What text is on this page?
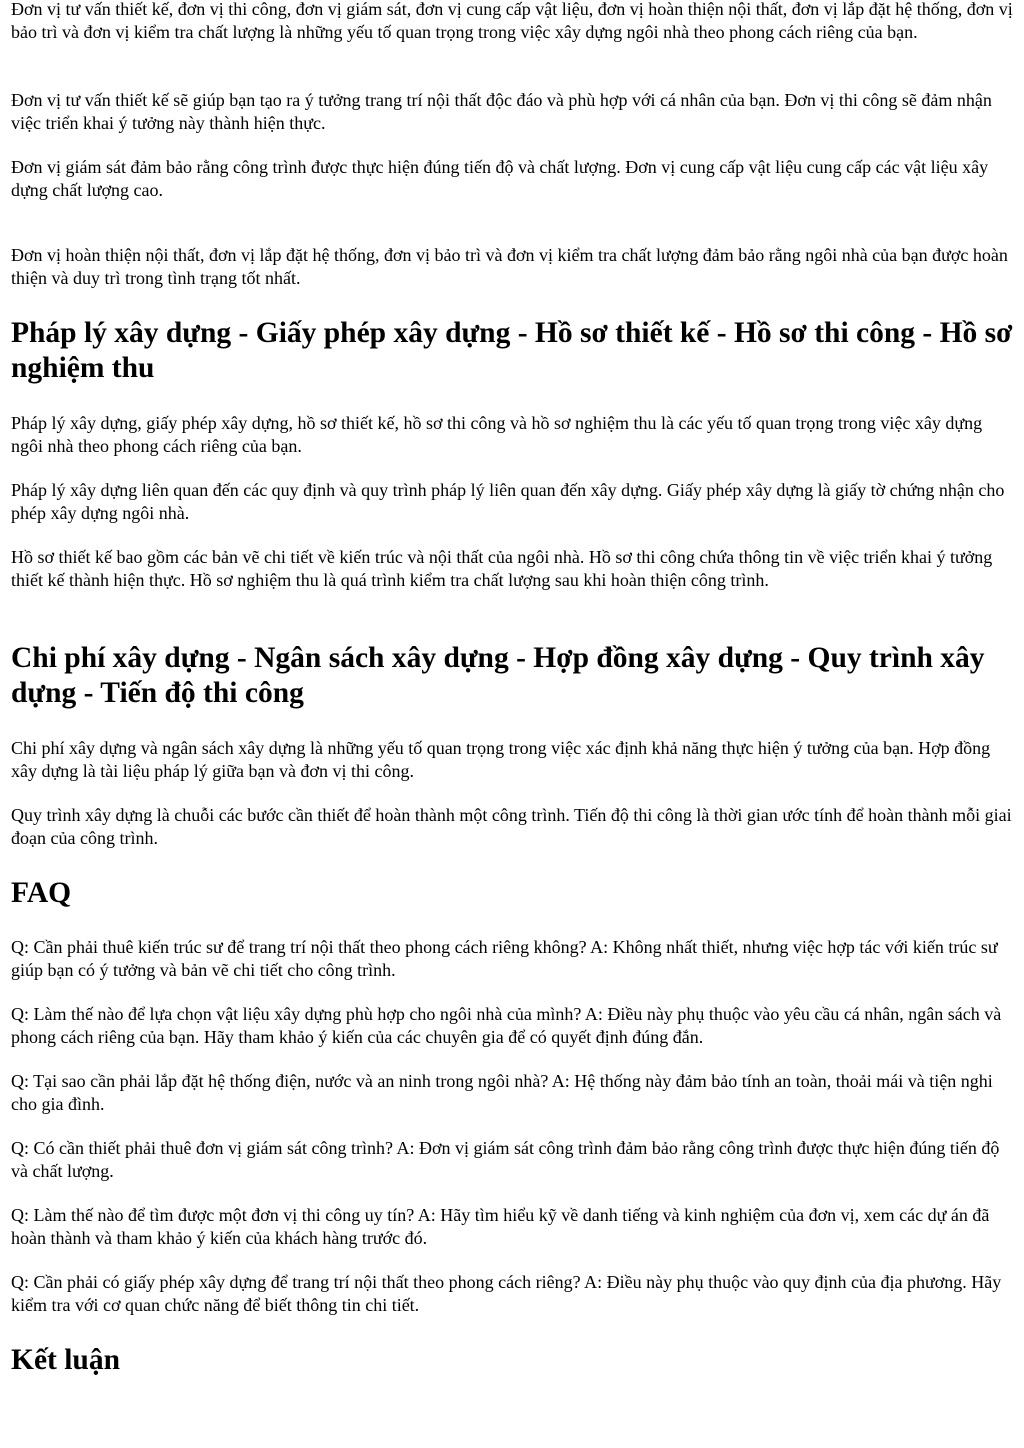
Đơn vị tư vấn thiết kế, đơn vị thi công, đơn vị giám sát, đơn vị cung cấp vật liệu, đơn vị hoàn thiện nội thất, đơn vị lắp đặt hệ thống, đơn vị bảo trì và đơn vị kiểm tra chất lượng là những yếu tố quan trọng trong việc xây dựng ngôi nhà theo phong cách riêng của bạn.

Đơn vị tư vấn thiết kế sẽ giúp bạn tạo ra ý tưởng trang trí nội thất độc đáo và phù hợp với cá nhân của bạn. Đơn vị thi công sẽ đảm nhận việc triển khai ý tưởng này thành hiện thực.

Đơn vị giám sát đảm bảo rằng công trình được thực hiện đúng tiến độ và chất lượng. Đơn vị cung cấp vật liệu cung cấp các vật liệu xây dựng chất lượng cao.

Đơn vị hoàn thiện nội thất, đơn vị lắp đặt hệ thống, đơn vị bảo trì và đơn vị kiểm tra chất lượng đảm bảo rằng ngôi nhà của bạn được hoàn thiện và duy trì trong tình trạng tốt nhất.

Pháp lý xây dựng - Giấy phép xây dựng - Hồ sơ thiết kế - Hồ sơ thi công - Hồ sơ nghiệm thu

Pháp lý xây dựng, giấy phép xây dựng, hồ sơ thiết kế, hồ sơ thi công và hồ sơ nghiệm thu là các yếu tố quan trọng trong việc xây dựng ngôi nhà theo phong cách riêng của bạn.

Pháp lý xây dựng liên quan đến các quy định và quy trình pháp lý liên quan đến xây dựng. Giấy phép xây dựng là giấy tờ chứng nhận cho phép xây dựng ngôi nhà.

Hồ sơ thiết kế bao gồm các bản vẽ chi tiết về kiến trúc và nội thất của ngôi nhà. Hồ sơ thi công chứa thông tin về việc triển khai ý tưởng thiết kế thành hiện thực. Hồ sơ nghiệm thu là quá trình kiểm tra chất lượng sau khi hoàn thiện công trình.

Chi phí xây dựng - Ngân sách xây dựng - Hợp đồng xây dựng - Quy trình xây dựng - Tiến độ thi công

Chi phí xây dựng và ngân sách xây dựng là những yếu tố quan trọng trong việc xác định khả năng thực hiện ý tưởng của bạn. Hợp đồng xây dựng là tài liệu pháp lý giữa bạn và đơn vị thi công.

Quy trình xây dựng là chuỗi các bước cần thiết để hoàn thành một công trình. Tiến độ thi công là thời gian ước tính để hoàn thành mỗi giai đoạn của công trình.

FAQ

Q: Cần phải thuê kiến trúc sư để trang trí nội thất theo phong cách riêng không? A: Không nhất thiết, nhưng việc hợp tác với kiến trúc sư giúp bạn có ý tưởng và bản vẽ chi tiết cho công trình.

Q: Làm thế nào để lựa chọn vật liệu xây dựng phù hợp cho ngôi nhà của mình? A: Điều này phụ thuộc vào yêu cầu cá nhân, ngân sách và phong cách riêng của bạn. Hãy tham khảo ý kiến của các chuyên gia để có quyết định đúng đắn.

Q: Tại sao cần phải lắp đặt hệ thống điện, nước và an ninh trong ngôi nhà? A: Hệ thống này đảm bảo tính an toàn, thoải mái và tiện nghi cho gia đình.

Q: Có cần thiết phải thuê đơn vị giám sát công trình? A: Đơn vị giám sát công trình đảm bảo rằng công trình được thực hiện đúng tiến độ và chất lượng.

Q: Làm thế nào để tìm được một đơn vị thi công uy tín? A: Hãy tìm hiểu kỹ về danh tiếng và kinh nghiệm của đơn vị, xem các dự án đã hoàn thành và tham khảo ý kiến của khách hàng trước đó.

Q: Cần phải có giấy phép xây dựng để trang trí nội thất theo phong cách riêng? A: Điều này phụ thuộc vào quy định của địa phương. Hãy kiểm tra với cơ quan chức năng để biết thông tin chi tiết.

Kết luận
